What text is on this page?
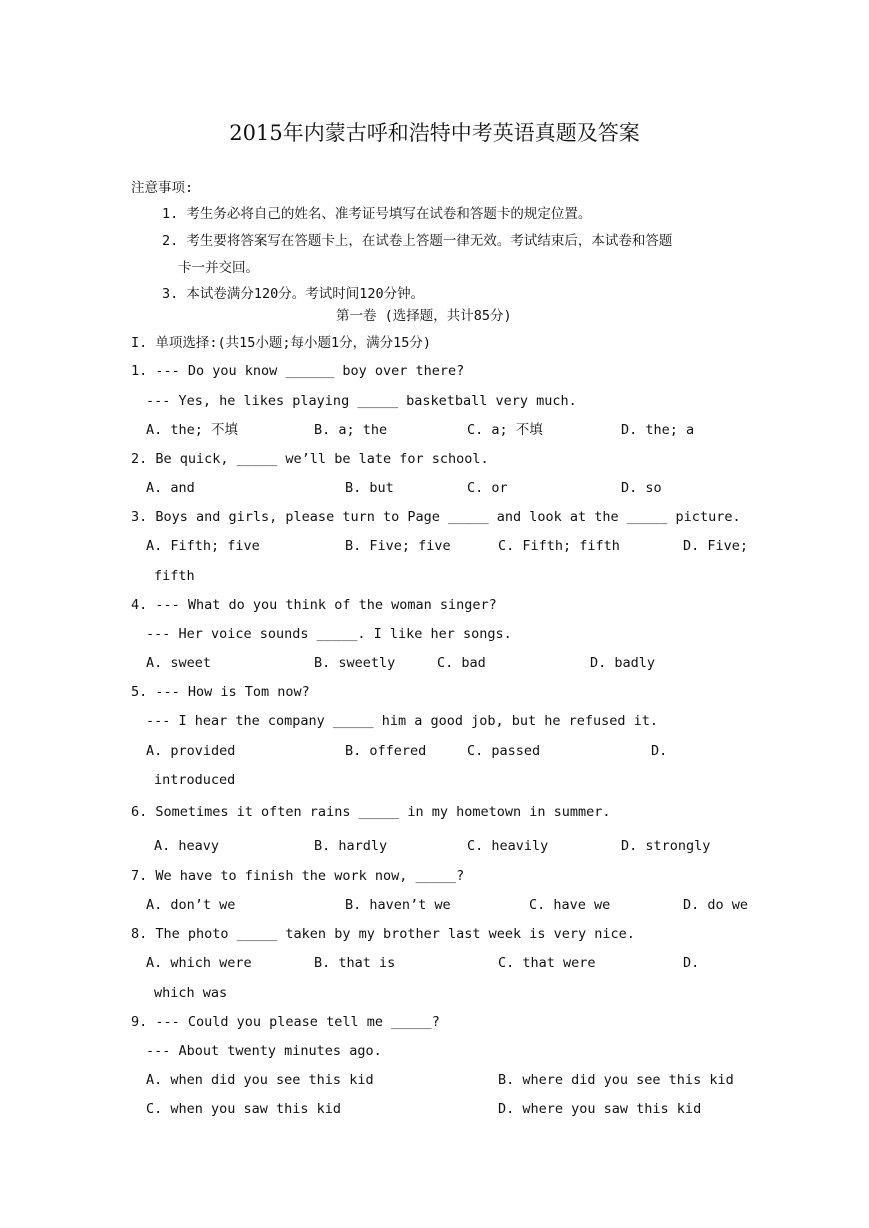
2015年内蒙古呼和浩特中考英语真题及答案
注意事项:
1. 考生务必将自己的姓名、准考证号填写在试卷和答题卡的规定位置。
2. 考生要将答案写在答题卡上，在试卷上答题一律无效。考试结束后，本试卷和答题
卡一并交回。
3. 本试卷满分120分。考试时间120分钟。
第一卷 (选择题，共计85分)
I. 单项选择:(共15小题;每小题1分，满分15分)
1. --- Do you know ______ boy over there?
--- Yes, he likes playing _____ basketball very much.
A. the; 不填	B. a; the	C. a; 不填	D. the; a
2. Be quick, _____ we’ll be late for school.
A. and	B. but	C. or	D. so
3. Boys and girls, please turn to Page _____ and look at the _____ picture.
A. Fifth; five	B. Five; five	C. Fifth; fifth	D. Five;
fifth
4. --- What do you think of the woman singer?
--- Her voice sounds _____. I like her songs.
A. sweet	B. sweetly	C. bad	D. badly
5. --- How is Tom now?
--- I hear the company _____ him a good job, but he refused it.
A. provided	B. offered	C. passed	D.
introduced
6. Sometimes it often rains _____ in my hometown in summer.
A. heavy	B. hardly	C. heavily	D. strongly
7. We have to finish the work now, _____?
A. don’t we	B. haven’t we	C. have we	D. do we
8. The photo _____ taken by my brother last week is very nice.
A. which were	B. that is	C. that were	D.
which was
9. --- Could you please tell me _____?
--- About twenty minutes ago.
A. when did you see this kid	B. where did you see this kid
C. when you saw this kid	D. where you saw this kid
